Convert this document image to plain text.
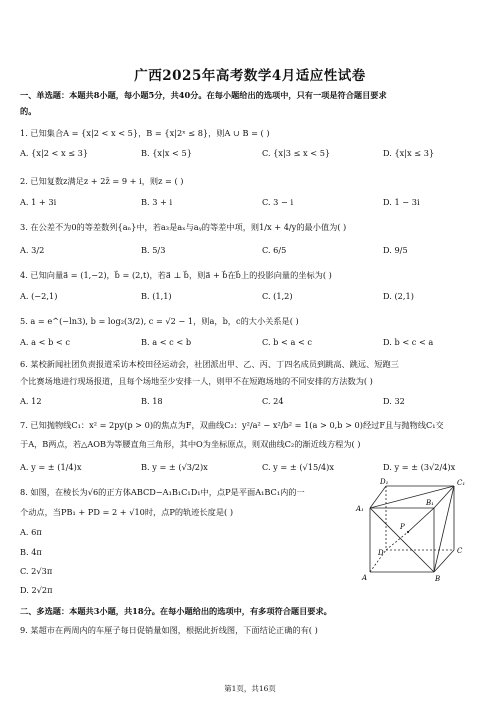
广西2025年高考数学4月适应性试卷
一、单选题：本题共8小题，每小题5分，共40分。在每小题给出的选项中，只有一项是符合题目要求
的。
1. 已知集合A = {x|2 < x < 5}，B = {x|2ˣ ≤ 8}，则A ∪ B = ( )
A. {x|2 < x ≤ 3}	B. {x|x < 5}	C. {x|3 ≤ x < 5}	D. {x|x ≤ 3}
2. 已知复数z满足z + 2z̄ = 9 + i，则z = ( )
A. 1 + 3i	B. 3 + i	C. 3 − i	D. 1 − 3i
3. 在公差不为0的等差数列{aₙ}中，若a₃是aₓ与aᵧ的等差中项，则1/x + 4/y的最小值为( )
A. 3/2	B. 5/3	C. 6/5	D. 9/5
4. 已知向量a⃗ = (1,−2)，b⃗ = (2,t)，若a⃗ ⊥ b⃗，则a⃗ + b⃗在b⃗上的投影向量的坐标为( )
A. (−2,1)	B. (1,1)	C. (1,2)	D. (2,1)
5. a = e^(−ln3), b = log₂(3/2), c = √2 − 1，则a，b，c的大小关系是( )
A. a < b < c	B. a < c < b	C. b < a < c	D. b < c < a
6. 某校新闻社团负责报道采访本校田径运动会，社团派出甲、乙、丙、丁四名成员到跳高、跳远、短跑三
个比赛场地进行现场报道，且每个场地至少安排一人，则甲不在短跑场地的不同安排的方法数为( )
A. 12	B. 18	C. 24	D. 32
7. 已知抛物线C₁：x² = 2py(p > 0)的焦点为F，双曲线C₂：y²/a² − x²/b² = 1(a > 0,b > 0)经过F且与抛物线C₁交
于A，B两点，若△AOB为等腰直角三角形，其中O为坐标原点，则双曲线C₂的渐近线方程为( )
A. y = ± (1/4)x	B. y = ± (√3/2)x	C. y = ± (√15/4)x	D. y = ± (3√2/4)x
8. 如图，在棱长为√6的正方体ABCD−A₁B₁C₁D₁中，点P是平面A₁BC₁内的一
个动点，当PB₁ + PD = 2 + √10时，点P的轨迹长度是( )
A. 6π
B. 4π
C. 2√3π
D. 2√2π
D₁	C₁
A₁
B₁
P
D	C
A	B
二、多选题：本题共3小题，共18分。在每小题给出的选项中，有多项符合题目要求。
9. 某超市在两周内的车厘子每日促销量如图，根据此折线图，下面结论正确的有( )
第1页，共16页
